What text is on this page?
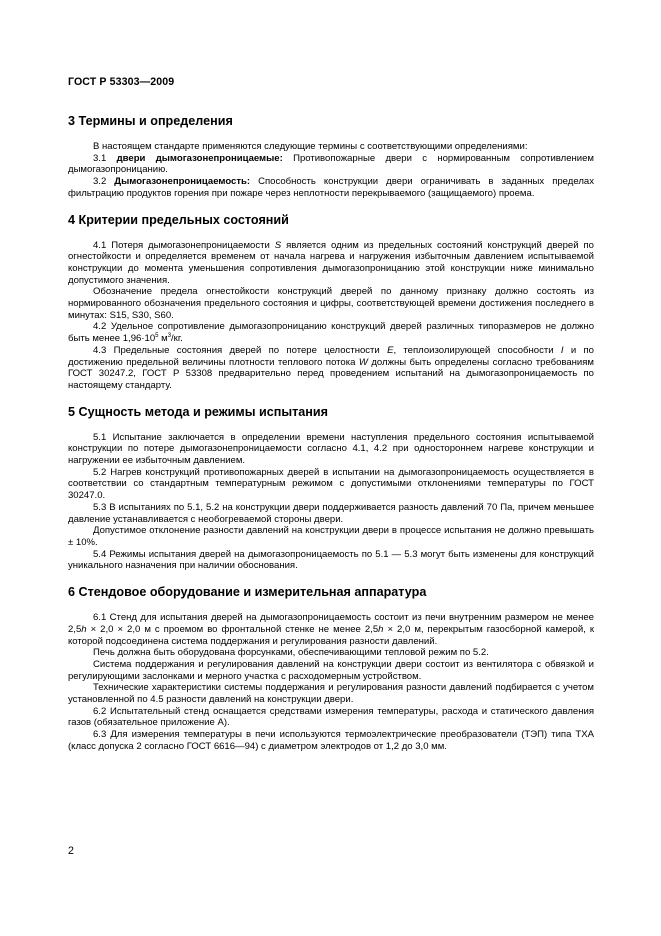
ГОСТ Р 53303—2009
3 Термины и определения

В настоящем стандарте применяются следующие термины с соответствующими определениями:

3.1 двери дымогазонепроницаемые: Противопожарные двери с нормированным сопротивлением дымогазопроницанию.

3.2 Дымогазонепроницаемость: Способность конструкции двери ограничивать в заданных пределах фильтрацию продуктов горения при пожаре через неплотности перекрываемого (защищаемого) проема.

4 Критерии предельных состояний

4.1 Потеря дымогазонепроницаемости S является одним из предельных состояний конструкций дверей по огнестойкости и определяется временем от начала нагрева и нагружения избыточным давлением испытываемой конструкции до момента уменьшения сопротивления дымогазопроницанию этой конструкции ниже минимально допустимого значения.

Обозначение предела огнестойкости конструкций дверей по данному признаку должно состоять из нормированного обозначения предельного состояния и цифры, соответствующей времени достижения последнего в минутах: S15, S30, S60.

4.2 Удельное сопротивление дымогазопроницанию конструкций дверей различных типоразмеров не должно быть менее $1,96\cdot 10^5$ $м^3/кг$.

4.3 Предельные состояния дверей по потере целостности Е, теплоизолирующей способности I и по достижению предельной величины плотности теплового потока W должны быть определены согласно требованиям ГОСТ 30247.2, ГОСТ Р 53308 предварительно перед проведением испытаний на дымогазопроницаемость по настоящему стандарту.

5 Сущность метода и режимы испытания

5.1 Испытание заключается в определении времени наступления предельного состояния испытываемой конструкции по потере дымогазонепроницаемости согласно 4.1, 4.2 при одностороннем нагреве конструкции и нагружении ее избыточным давлением.

5.2 Нагрев конструкций противопожарных дверей в испытании на дымогазопроницаемость осуществляется в соответствии со стандартным температурным режимом с допустимыми отклонениями температуры по ГОСТ 30247.0.

5.3 В испытаниях по 5.1, 5.2 на конструкции двери поддерживается разность давлений 70 Па, причем меньшее давление устанавливается с необогреваемой стороны двери.

Допустимое отклонение разности давлений на конструкции двери в процессе испытания не должно превышать ± 10%.

5.4 Режимы испытания дверей на дымогазопроницаемость по 5.1 — 5.3 могут быть изменены для конструкций уникального назначения при наличии обоснования.

6 Стендовое оборудование и измерительная аппаратура

6.1 Стенд для испытания дверей на дымогазопроницаемость состоит из печи внутренним размером не менее 2,5h × 2,0 × 2,0 м с проемом во фронтальной стенке не менее 2,5h × 2,0 м, перекрытым газосборной камерой, к которой подсоединена система поддержания и регулирования разности давлений.

Печь должна быть оборудована форсунками, обеспечивающими тепловой режим по 5.2.

Система поддержания и регулирования давлений на конструкции двери состоит из вентилятора с обвязкой и регулирующими заслонками и мерного участка с расходомерным устройством.

Технические характеристики системы поддержания и регулирования разности давлений подбирается с учетом установленной по 4.5 разности давлений на конструкции двери.

6.2 Испытательный стенд оснащается средствами измерения температуры, расхода и статического давления газов (обязательное приложение А).

6.3 Для измерения температуры в печи используются термоэлектрические преобразователи (ТЭП) типа ТХА (класс допуска 2 согласно ГОСТ 6616—94) с диаметром электродов от 1,2 до 3,0 мм.

2
